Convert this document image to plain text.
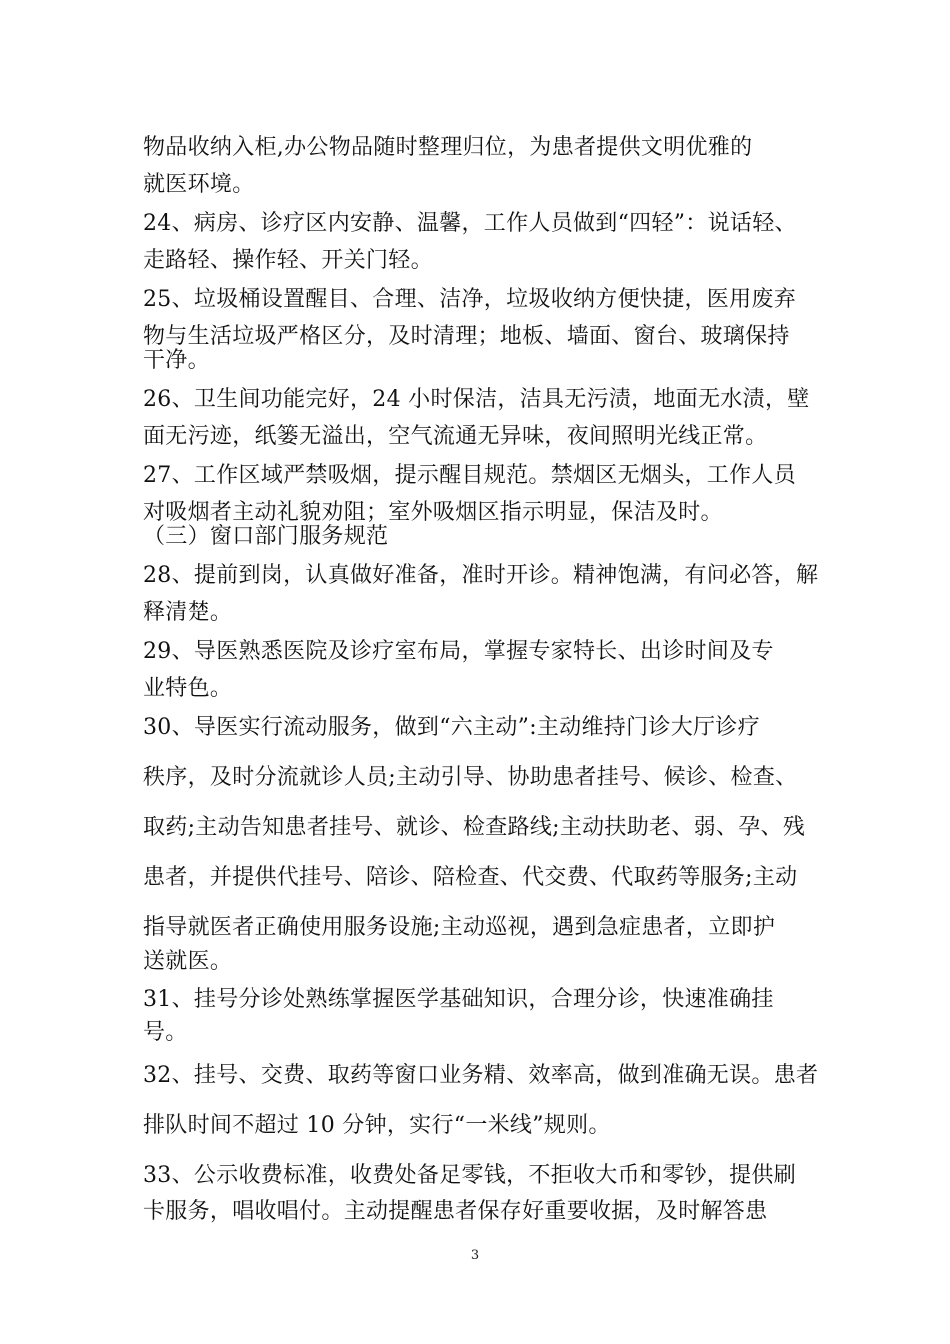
物品收纳入柜,办公物品随时整理归位，为患者提供文明优雅的
就医环境。
24、病房、诊疗区内安静、温馨，工作人员做到“四轻”：说话轻、
走路轻、操作轻、开关门轻。
25、垃圾桶设置醒目、合理、洁净，垃圾收纳方便快捷，医用废弃
物与生活垃圾严格区分，及时清理；地板、墙面、窗台、玻璃保持
干净。
26、卫生间功能完好，24 小时保洁，洁具无污渍，地面无水渍，壁
面无污迹，纸篓无溢出，空气流通无异味，夜间照明光线正常。
27、工作区域严禁吸烟，提示醒目规范。禁烟区无烟头，工作人员
对吸烟者主动礼貌劝阻；室外吸烟区指示明显，保洁及时。
（三）窗口部门服务规范
28、提前到岗，认真做好准备，准时开诊。精神饱满，有问必答，解
释清楚。
29、导医熟悉医院及诊疗室布局，掌握专家特长、出诊时间及专
业特色。
30、导医实行流动服务，做到“六主动”:主动维持门诊大厅诊疗
秩序，及时分流就诊人员;主动引导、协助患者挂号、候诊、检查、
取药;主动告知患者挂号、就诊、检查路线;主动扶助老、弱、孕、残
患者，并提供代挂号、陪诊、陪检查、代交费、代取药等服务;主动
指导就医者正确使用服务设施;主动巡视，遇到急症患者，立即护
送就医。
31、挂号分诊处熟练掌握医学基础知识，合理分诊，快速准确挂
号。
32、挂号、交费、取药等窗口业务精、效率高，做到准确无误。患者
排队时间不超过 10 分钟，实行“一米线”规则。
33、公示收费标准，收费处备足零钱，不拒收大币和零钞，提供刷
卡服务，唱收唱付。主动提醒患者保存好重要收据，及时解答患
3
